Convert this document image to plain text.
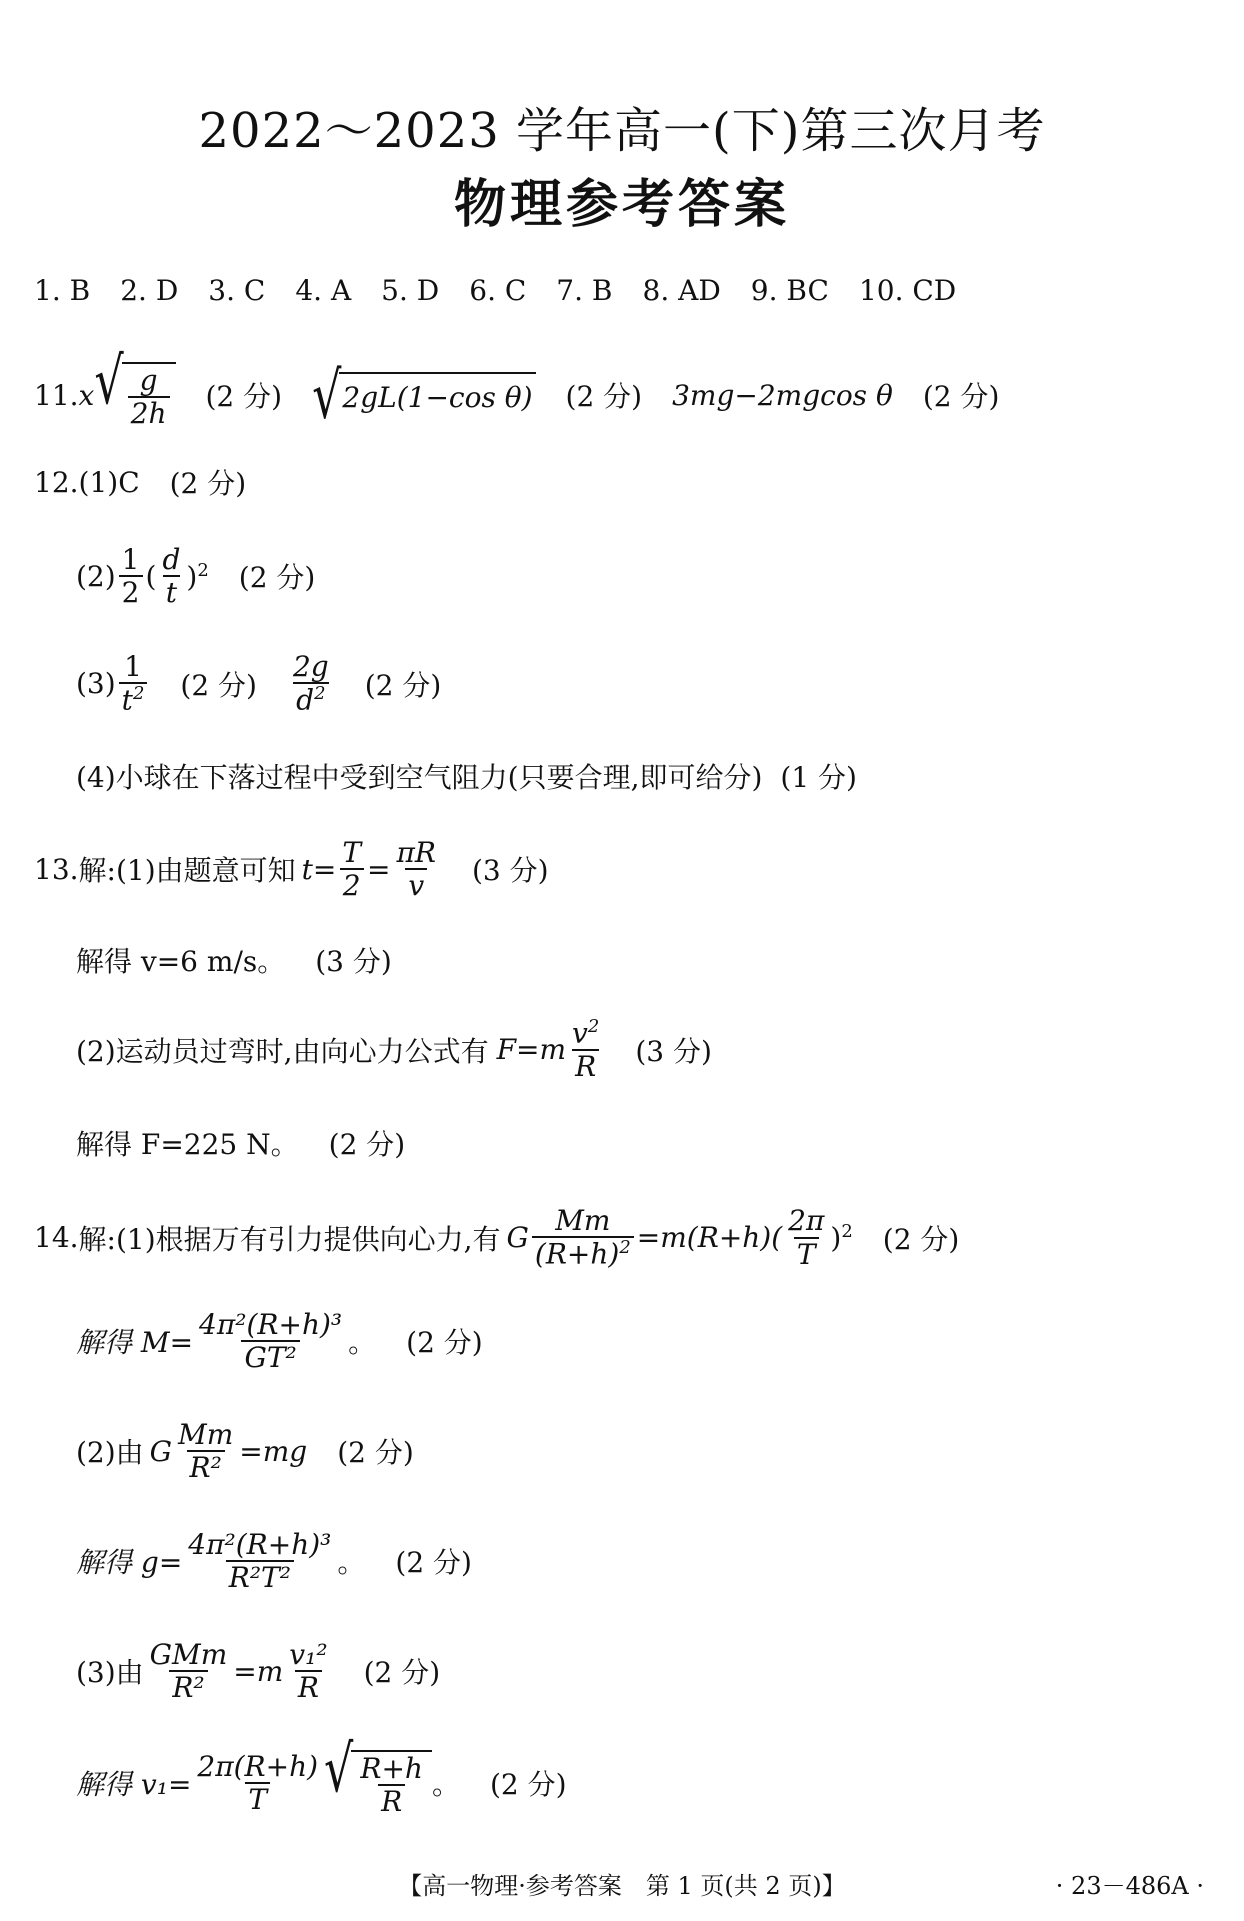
2022～2023 学年高一(下)第三次月考
物理参考答案
1. B 2. D 3. C 4. A 5. D 6. C 7. B 8. AD 9. BC 10. CD
11. x √ $\frac{g}{2h} (2$ 分) √ 2gL(1−cos θ) (2 分) 3mg−2mgcos θ (2 分)
12. (1)C (2 分)
$(2) \frac{1}{2}$ ( $\frac{d}{t} )^2$ (2 分)
$(3) \frac{1}{t^2} (2$ 分) $\frac{2g}{d^2} (2$ 分)
(4)小球在下落过程中受到空气阻力(只要合理,即可给分) (1 分)
13. 解:(1)由题意可知 $t= \frac{T}{2} = \frac{\pi R}{v} (3$ 分)
解得 v=6 m/s。 (3 分)
(2)运动员过弯时,由向心力公式有 $F=m \frac{v^2}{R} (3$ 分)
解得 F=225 N。 (2 分)
14. 解:(1)根据万有引力提供向心力,有 G $\frac{Mm}{(R+h)^2} =m(R+h)( \frac{2\pi}{T} )^2$ (2 分)
解得 $M= \frac{\text{4π²(R+h)³}}{\text{GT²}}$ 。 (2 分)
(2)由 G $\frac{Mm}{\text{R²}} =mg$ (2 分)
解得 $g= \frac{\text{4π²(R+h)³}}{\text{R²T²}}$ 。 (2 分)
(3)由 $\frac{\text{GMm}}{\text{R²}} =m \frac{\text{v₁²}}{R} (2$ 分)
解得 $v_1= \frac{2\pi(R+h)}{T}$ √ $\frac{R+h}{R}$ 。 (2 分)
【高一物理·参考答案　第 1 页(共 2 页)】	· 23－486A ·
